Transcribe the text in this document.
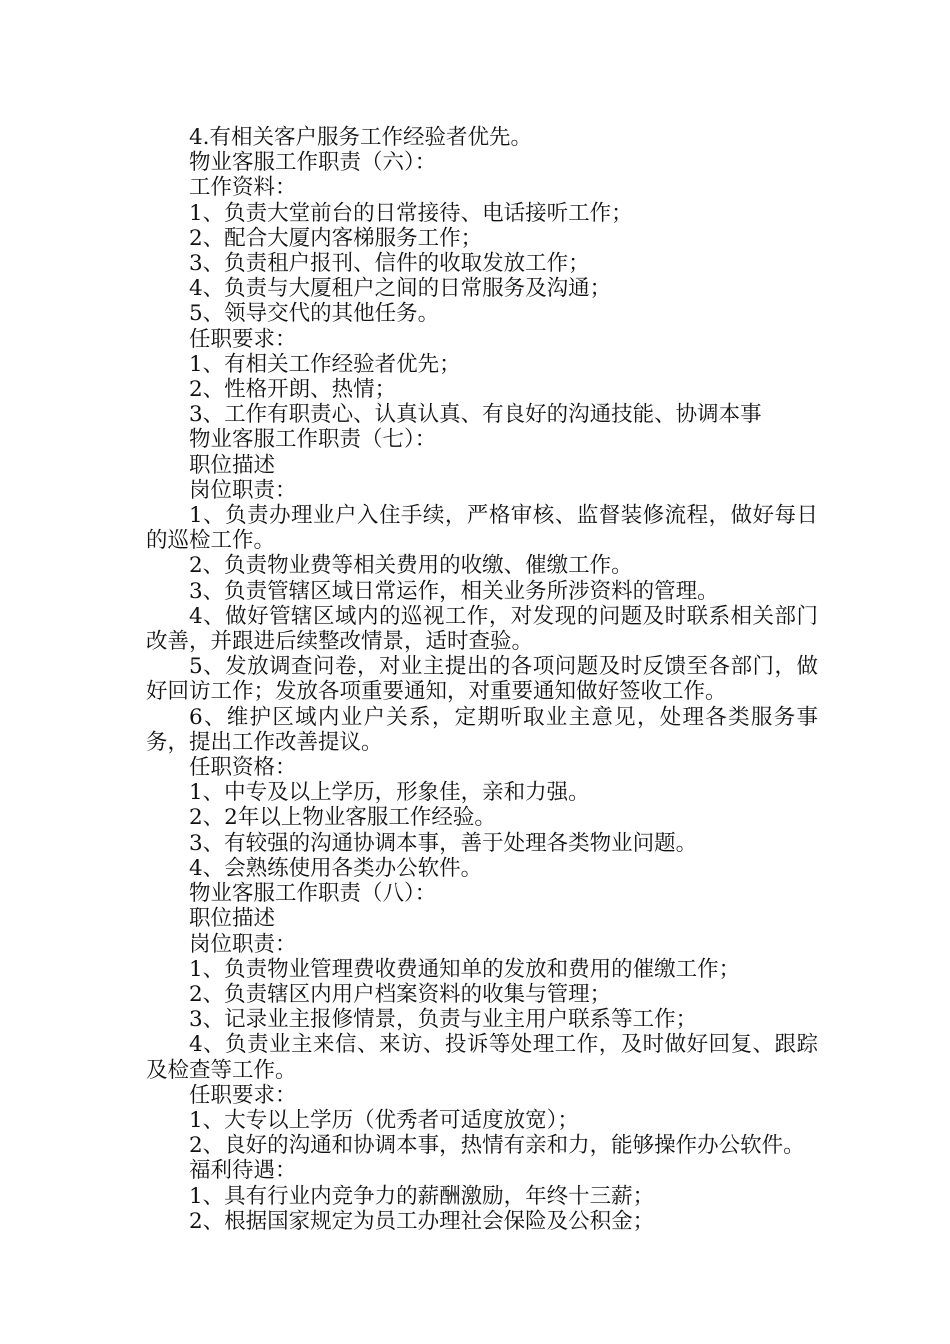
4.有相关客户服务工作经验者优先。

物业客服工作职责（六）：

工作资料：

1、负责大堂前台的日常接待、电话接听工作；

2、配合大厦内客梯服务工作；

3、负责租户报刊、信件的收取发放工作；

4、负责与大厦租户之间的日常服务及沟通；

5、领导交代的其他任务。

任职要求：

1、有相关工作经验者优先；

2、性格开朗、热情；

3、工作有职责心、认真认真、有良好的沟通技能、协调本事

物业客服工作职责（七）：

职位描述

岗位职责：

1、负责办理业户入住手续，严格审核、监督装修流程，做好每日的巡检工作。

2、负责物业费等相关费用的收缴、催缴工作。

3、负责管辖区域日常运作，相关业务所涉资料的管理。

4、做好管辖区域内的巡视工作，对发现的问题及时联系相关部门改善，并跟进后续整改情景，适时查验。

5、发放调查问卷，对业主提出的各项问题及时反馈至各部门，做好回访工作；发放各项重要通知，对重要通知做好签收工作。

6、维护区域内业户关系，定期听取业主意见，处理各类服务事务，提出工作改善提议。

任职资格：

1、中专及以上学历，形象佳，亲和力强。

2、2年以上物业客服工作经验。

3、有较强的沟通协调本事，善于处理各类物业问题。

4、会熟练使用各类办公软件。

物业客服工作职责（八）：

职位描述

岗位职责：

1、负责物业管理费收费通知单的发放和费用的催缴工作；

2、负责辖区内用户档案资料的收集与管理；

3、记录业主报修情景，负责与业主用户联系等工作；

4、负责业主来信、来访、投诉等处理工作，及时做好回复、跟踪及检查等工作。

任职要求：

1、大专以上学历（优秀者可适度放宽）；

2、良好的沟通和协调本事，热情有亲和力，能够操作办公软件。

福利待遇：

1、具有行业内竞争力的薪酬激励，年终十三薪；

2、根据国家规定为员工办理社会保险及公积金；
